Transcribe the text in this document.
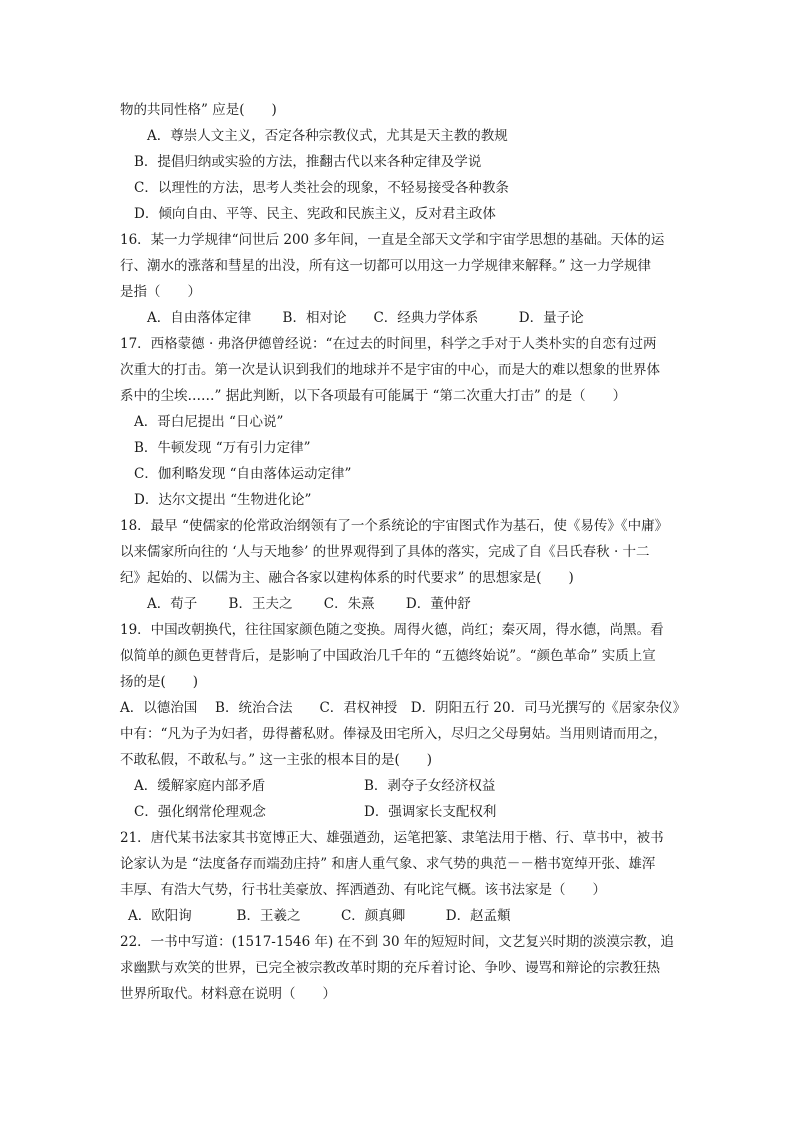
物的共同性格” 应是(　　)
A．尊崇人文主义，否定各种宗教仪式，尤其是天主教的教规
B．提倡归纳或实验的方法，推翻古代以来各种定律及学说
C．以理性的方法，思考人类社会的现象，不轻易接受各种教条
D．倾向自由、平等、民主、宪政和民族主义，反对君主政体
16．某一力学规律“问世后 200 多年间，一直是全部天文学和宇宙学思想的基础。天体的运
行、潮水的涨落和彗星的出没，所有这一切都可以用这一力学规律来解释。” 这一力学规律
是指（　　）
A．自由落体定律　　 B．相对论　　C．经典力学体系　　　D．量子论
17．西格蒙德 · 弗洛伊德曾经说：“在过去的时间里，科学之手对于人类朴实的自恋有过两
次重大的打击。第一次是认识到我们的地球并不是宇宙的中心，而是大的难以想象的世界体
系中的尘埃……” 据此判断，以下各项最有可能属于 “第二次重大打击” 的是（　　）
A．哥白尼提出 “日心说”
B．牛顿发现 “万有引力定律”
C．伽利略发现 “自由落体运动定律”
D．达尔文提出 “生物进化论”
18．最早 “使儒家的伦常政治纲领有了一个系统论的宇宙图式作为基石，使《易传》《中庸》
以来儒家所向往的 ‘人与天地参’ 的世界观得到了具体的落实，完成了自《吕氏春秋 · 十二
纪》起始的、以儒为主、融合各家以建构体系的时代要求” 的思想家是(　　)
A．荀子　　 B．王夫之　　 C．朱熹　　 D．董仲舒
19．中国改朝换代，往往国家颜色随之变换。周得火德，尚红；秦灭周，得水德，尚黑。看
似简单的颜色更替背后，是影响了中国政治几千年的 “五德终始说”。“颜色革命” 实质上宣
扬的是(　　)
A．以德治国　 B．统治合法　　C．君权神授　D．阴阳五行 20．司马光撰写的《居家杂仪》
中有：“凡为子为妇者，毋得蓄私财。俸禄及田宅所入，尽归之父母舅姑。当用则请而用之，
不敢私假，不敢私与。” 这一主张的根本目的是(　　)
A．缓解家庭内部矛盾	B．剥夺子女经济权益
C．强化纲常伦理观念	D．强调家长支配权利
21．唐代某书法家其书宽博正大、雄强遒劲，运笔把篆、隶笔法用于楷、行、草书中，被书
论家认为是 “法度备存而端劲庄持” 和唐人重气象、求气势的典范－－楷书宽绰开张、雄浑
丰厚、有浩大气势，行书壮美豪放、挥洒遒劲、有叱诧气概。该书法家是（　　）
A．欧阳询　　　 B．王羲之　　　C．颜真卿　　　D．赵孟頫
22．一书中写道：(1517-1546 年) 在不到 30 年的短短时间，文艺复兴时期的淡漠宗教，追
求幽默与欢笑的世界，已完全被宗教改革时期的充斥着讨论、争吵、谩骂和辩论的宗教狂热
世界所取代。材料意在说明（　　）
